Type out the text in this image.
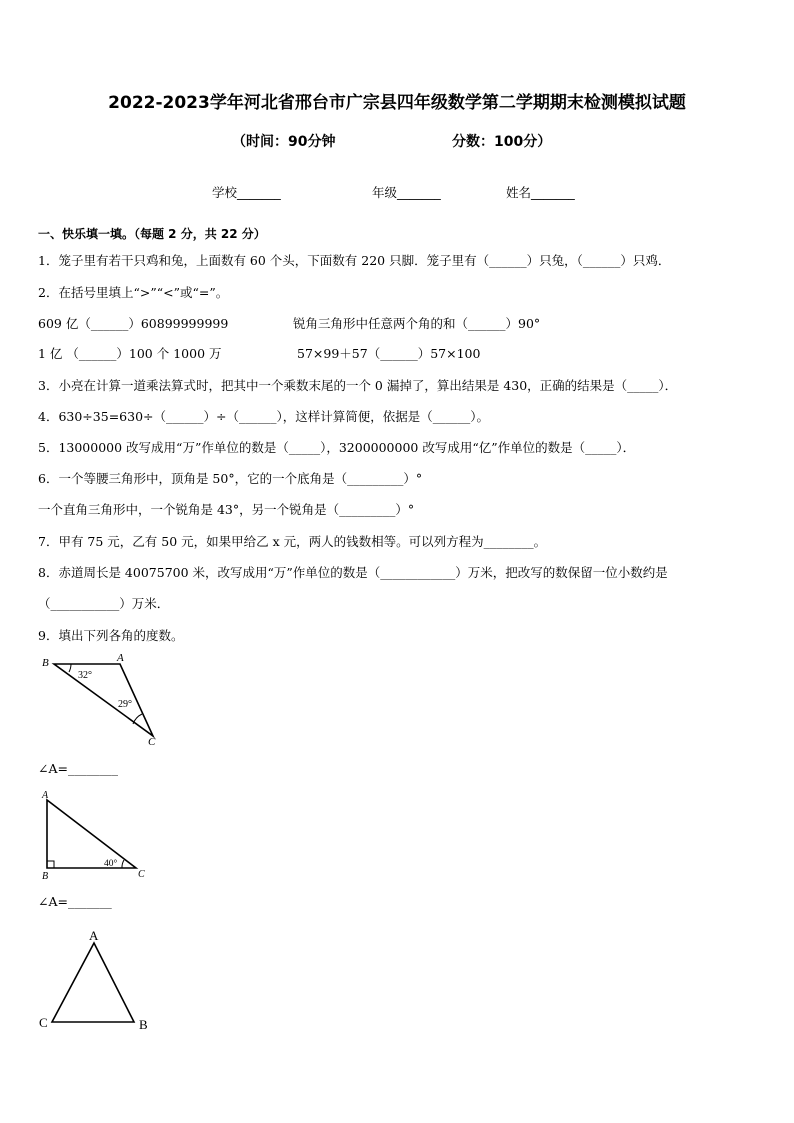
2022-2023学年河北省邢台市广宗县四年级数学第二学期期末检测模拟试题
（时间：90分钟	分数：100分）
学校_______	年级_______	姓名_______
一、快乐填一填。（每题 2 分，共 22 分）
1．笼子里有若干只鸡和兔，上面数有 60 个头，下面数有 220 只脚．笼子里有（______）只兔，（______）只鸡．
2．在括号里填上“>”“<”或“=”。
609 亿（______）60899999999	锐角三角形中任意两个角的和（______）90°
1 亿 （______）100 个 1000 万	57×99＋57（______）57×100
3．小亮在计算一道乘法算式时，把其中一个乘数末尾的一个 0 漏掉了，算出结果是 430，正确的结果是（_____）．
4．630÷35=630÷（______）÷（______），这样计算简便，依据是（______）。
5．13000000 改写成用“万”作单位的数是（_____），3200000000 改写成用“亿”作单位的数是（_____）．
6．一个等腰三角形中，顶角是 50°，它的一个底角是（_________）°
一个直角三角形中，一个锐角是 43°，另一个锐角是（_________）°
7．甲有 75 元，乙有 50 元，如果甲给乙 x 元，两人的钱数相等。可以列方程为________。
8．赤道周长是 40075700 米，改写成用“万”作单位的数是（____________）万米，把改写的数保留一位小数约是
（___________）万米．
9．填出下列各角的度数。
B	A
C
32°
29°
∠A=________
A
B	C
40°
∠A=_______
A
C	B
